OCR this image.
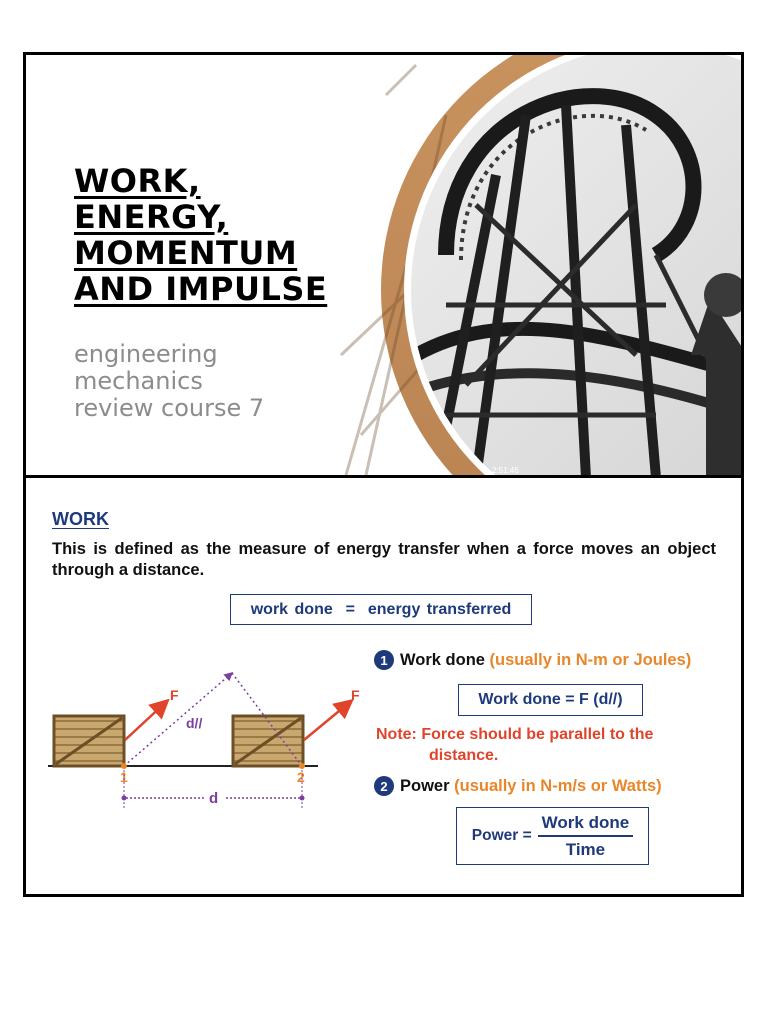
WORK,
ENERGY,
MOMENTUM
AND IMPULSE
engineering
mechanics
review course 7
2:51:46
WORK
This is defined as the measure of energy transfer when a force moves an object through a distance.
work done  =  energy transferred
1 Work done
(usually in N-m or Joules)
Work done = F (d//)
Note: Force should be parallel to the
distance.
2 Power
(usually in N-m/s or Watts)
Power = $\frac{\text{Work done}}{\text{Time}}$
F	F
d//
1	2
d
